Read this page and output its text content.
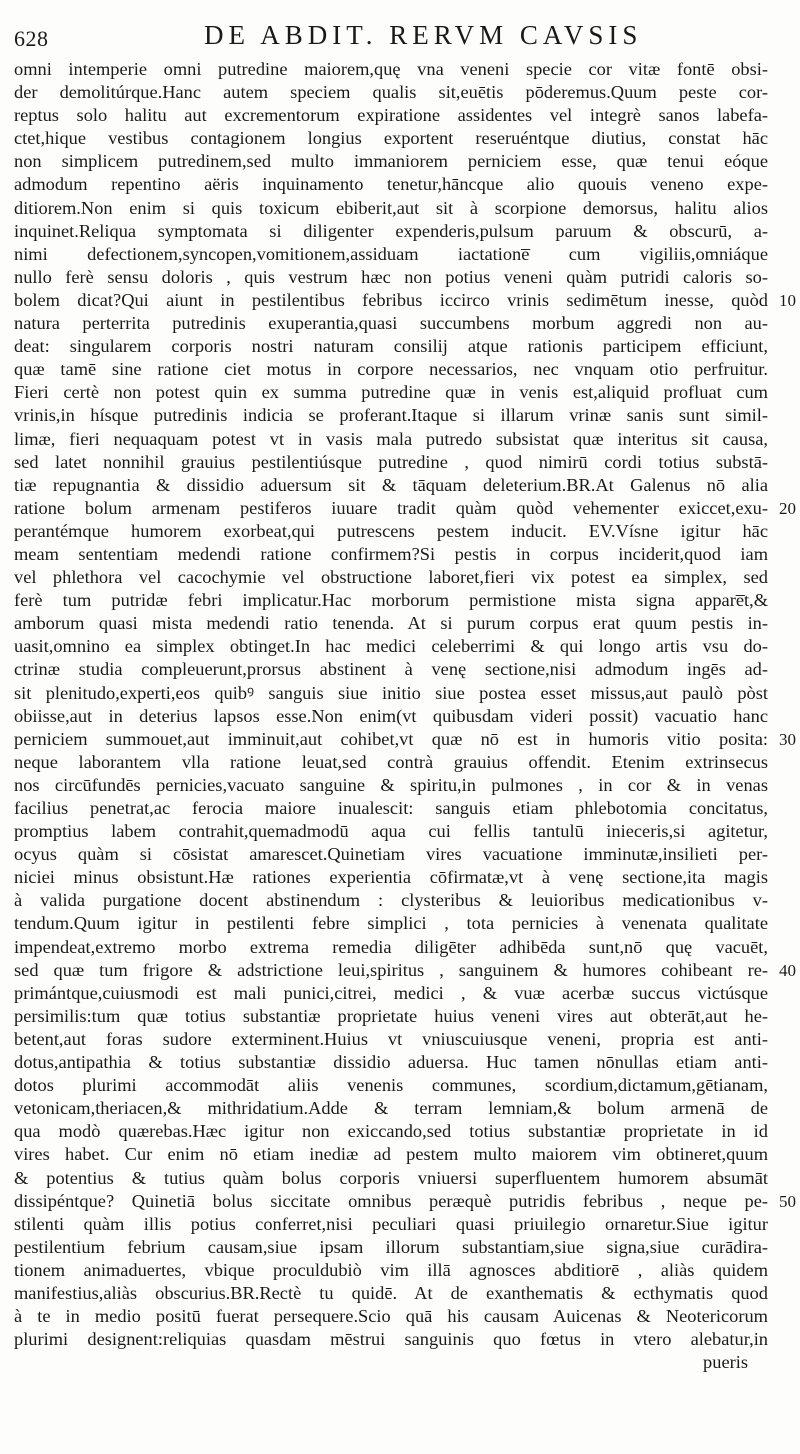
628	DE ABDIT. RERVM CAVSIS
omni intemperie omni putredine maiorem,quę vna veneni specie cor vitæ fontē obsi-
der demolitúrque.Hanc autem speciem qualis sit,euētis pōderemus.Quum peste cor-
reptus solo halitu aut excrementorum expiratione assidentes vel integrè sanos labefa-
ctet,hique vestibus contagionem longius exportent reseruéntque diutius, constat hāc
non simplicem putredinem,sed multo immaniorem perniciem esse, quæ tenui eóque
admodum repentino aëris inquinamento tenetur,hāncque alio quouis veneno expe-
ditiorem.Non enim si quis toxicum ebiberit,aut sit à scorpione demorsus, halitu alios
inquinet.Reliqua symptomata si diligenter expenderis,pulsum paruum & obscurū, a-
nimi defectionem,syncopen,vomitionem,assiduam iactatione̅ cum vigiliis,omniáque
nullo ferè sensu doloris , quis vestrum hæc non potius veneni quàm putridi caloris so-
bolem dicat?Qui aiunt in pestilentibus febribus iccirco vrinis sedimētum inesse, quòd
natura perterrita putredinis exuperantia,quasi succumbens morbum aggredi non au-
deat: singularem corporis nostri naturam consilij atque rationis participem efficiunt,
quæ tamē sine ratione ciet motus in corpore necessarios, nec vnquam otio perfruitur.
Fieri certè non potest quin ex summa putredine quæ in venis est,aliquid profluat cum
vrinis,in hísque putredinis indicia se proferant.Itaque si illarum vrinæ sanis sunt simil-
limæ, fieri nequaquam potest vt in vasis mala putredo subsistat quæ interitus sit causa,
sed latet nonnihil grauius pestilentiúsque putredine , quod nimirū cordi totius substā-
tiæ repugnantia & dissidio aduersum sit & tāquam deleterium.BR.At Galenus nō alia
ratione bolum armenam pestiferos iuuare tradit quàm quòd vehementer exiccet,exu-
perantémque humorem exorbeat,qui putrescens pestem inducit. EV.Vísne igitur hāc
meam sententiam medendi ratione confirmem?Si pestis in corpus inciderit,quod iam
vel phlethora vel cacochymie vel obstructione laboret,fieri vix potest ea simplex, sed
ferè tum putridæ febri implicatur.Hac morborum permistione mista signa appare̅t,&
amborum quasi mista medendi ratio tenenda. At si purum corpus erat quum pestis in-
uasit,omnino ea simplex obtinget.In hac medici celeberrimi & qui longo artis vsu do-
ctrinæ studia compleuerunt,prorsus abstinent à venę sectione,nisi admodum ingēs ad-
sit plenitudo,experti,eos quibꝰ sanguis siue initio siue postea esset missus,aut paulò pòst
obiisse,aut in deterius lapsos esse.Non enim(vt quibusdam videri possit) vacuatio hanc
perniciem summouet,aut imminuit,aut cohibet,vt quæ nō est in humoris vitio posita:
neque laborantem vlla ratione leuat,sed contrà grauius offendit. Etenim extrinsecus
nos circūfundēs pernicies,vacuato sanguine & spiritu,in pulmones , in cor & in venas
facilius penetrat,ac ferocia maiore inualescit: sanguis etiam phlebotomia concitatus,
promptius labem contrahit,quemadmodū aqua cui fellis tantulū inieceris,si agitetur,
ocyus quàm si cōsistat amarescet.Quinetiam vires vacuatione imminutæ,insilieti per-
niciei minus obsistunt.Hæ rationes experientia cōfirmatæ,vt à venę sectione,ita magis
à valida purgatione docent abstinendum : clysteribus & leuioribus medicationibus v-
tendum.Quum igitur in pestilenti febre simplici , tota pernicies à venenata qualitate
impendeat,extremo morbo extrema remedia diligēter adhibēda sunt,nō quę vacuēt,
sed quæ tum frigore & adstrictione leui,spiritus , sanguinem & humores cohibeant re-
primántque,cuiusmodi est mali punici,citrei, medici , & vuæ acerbæ succus victúsque
persimilis:tum quæ totius substantiæ proprietate huius veneni vires aut obterāt,aut he-
betent,aut foras sudore exterminent.Huius vt vniuscuiusque veneni, propria est anti-
dotus,antipathia & totius substantiæ dissidio aduersa. Huc tamen nōnullas etiam anti-
dotos plurimi accommodāt aliis venenis communes, scordium,dictamum,gētianam,
vetonicam,theriacen,& mithridatium.Adde & terram lemniam,& bolum armenā de
qua modò quærebas.Hæc igitur non exiccando,sed totius substantiæ proprietate in id
vires habet. Cur enim nō etiam inediæ ad pestem multo maiorem vim obtineret,quum
& potentius & tutius quàm bolus corporis vniuersi superfluentem humorem absumāt
dissipéntque? Quinetiā bolus siccitate omnibus peræquè putridis febribus , neque pe-
stilenti quàm illis potius conferret,nisi peculiari quasi priuilegio ornaretur.Siue igitur
pestilentium febrium causam,siue ipsam illorum substantiam,siue signa,siue curādira-
tionem animaduertes, vbique proculdubiò vim illā agnosces abditiorē , aliàs quidem
manifestius,aliàs obscurius.BR.Rectè tu quidē. At de exanthematis & ecthymatis quod
à te in medio positū fuerat persequere.Scio quā his causam Auicenas & Neotericorum
plurimi designent:reliquias quasdam mēstrui sanguinis quo fœtus in vtero alebatur,in
pueris
10
20
30
40
50
